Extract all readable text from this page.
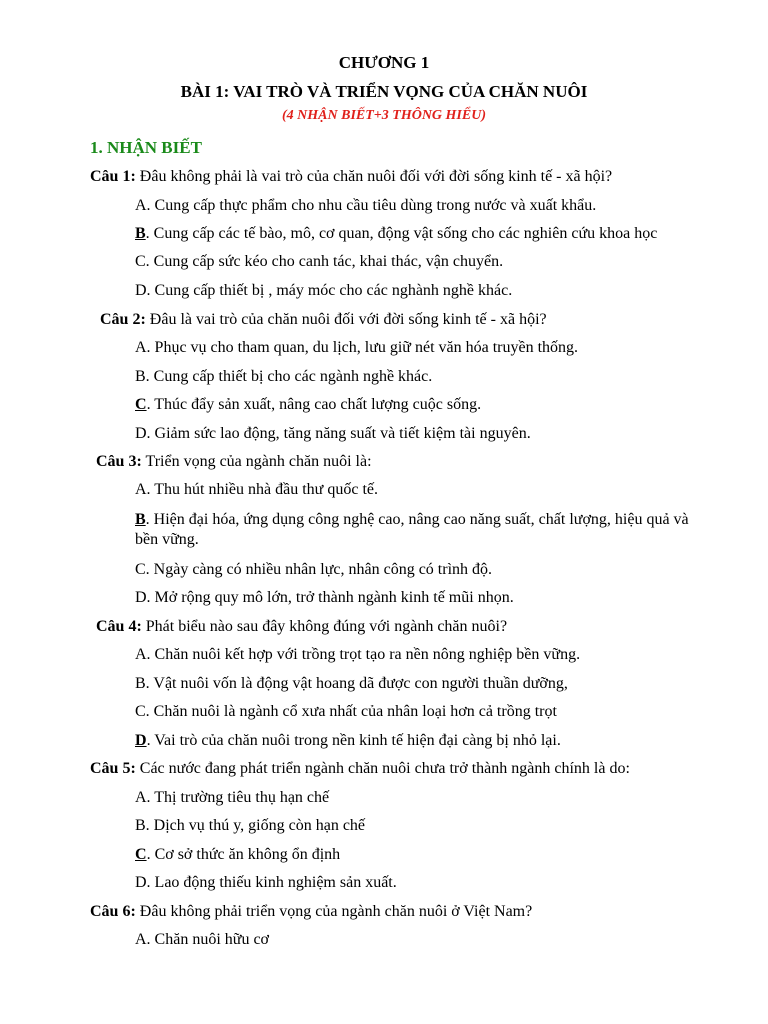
CHƯƠNG 1
BÀI 1: VAI TRÒ VÀ TRIỂN VỌNG CỦA CHĂN NUÔI
(4 NHẬN BIẾT+3 THÔNG HIỂU)
1. NHẬN BIẾT
Câu 1: Đâu không phải là vai trò của chăn nuôi đối với đời sống kinh tế - xã hội?
A. Cung cấp thực phẩm cho nhu cầu tiêu dùng trong nước và xuất khẩu.
B. Cung cấp các tế bào, mô, cơ quan, động vật sống cho các nghiên cứu khoa học
C. Cung cấp sức kéo cho canh tác, khai thác, vận chuyển.
D. Cung cấp thiết bị , máy móc cho các nghành nghề khác.
Câu 2: Đâu là vai trò của chăn nuôi đối với đời sống kinh tế - xã hội?
A. Phục vụ cho tham quan, du lịch, lưu giữ nét văn hóa truyền thống.
B. Cung cấp thiết bị cho các ngành nghề khác.
C. Thúc đẩy sản xuất, nâng cao chất lượng cuộc sống.
D. Giảm sức lao động, tăng năng suất và tiết kiệm tài nguyên.
Câu 3: Triển vọng của ngành chăn nuôi là:
A. Thu hút nhiều nhà đầu thư quốc tế.
B. Hiện đại hóa, ứng dụng công nghệ cao, nâng cao năng suất, chất lượng, hiệu quả và bền vững.
C. Ngày càng có nhiều nhân lực, nhân công có trình độ.
D. Mở rộng quy mô lớn, trở thành ngành kinh tế mũi nhọn.
Câu 4: Phát biểu nào sau đây không đúng với ngành chăn nuôi?
A. Chăn nuôi kết hợp với trồng trọt tạo ra nền nông nghiệp bền vững.
B. Vật nuôi vốn là động vật hoang dã được con người thuần dưỡng,
C. Chăn nuôi là ngành cổ xưa nhất của nhân loại hơn cả trồng trọt
D. Vai trò của chăn nuôi trong nền kinh tế hiện đại càng bị nhỏ lại.
Câu 5: Các nước đang phát triển ngành chăn nuôi chưa trở thành ngành chính là do:
A. Thị trường tiêu thụ hạn chế
B. Dịch vụ thú y, giống còn hạn chế
C. Cơ sở thức ăn không ổn định
D. Lao động thiếu kinh nghiệm sản xuất.
Câu 6: Đâu không phải triển vọng của ngành chăn nuôi ở Việt Nam?
A. Chăn nuôi hữu cơ
